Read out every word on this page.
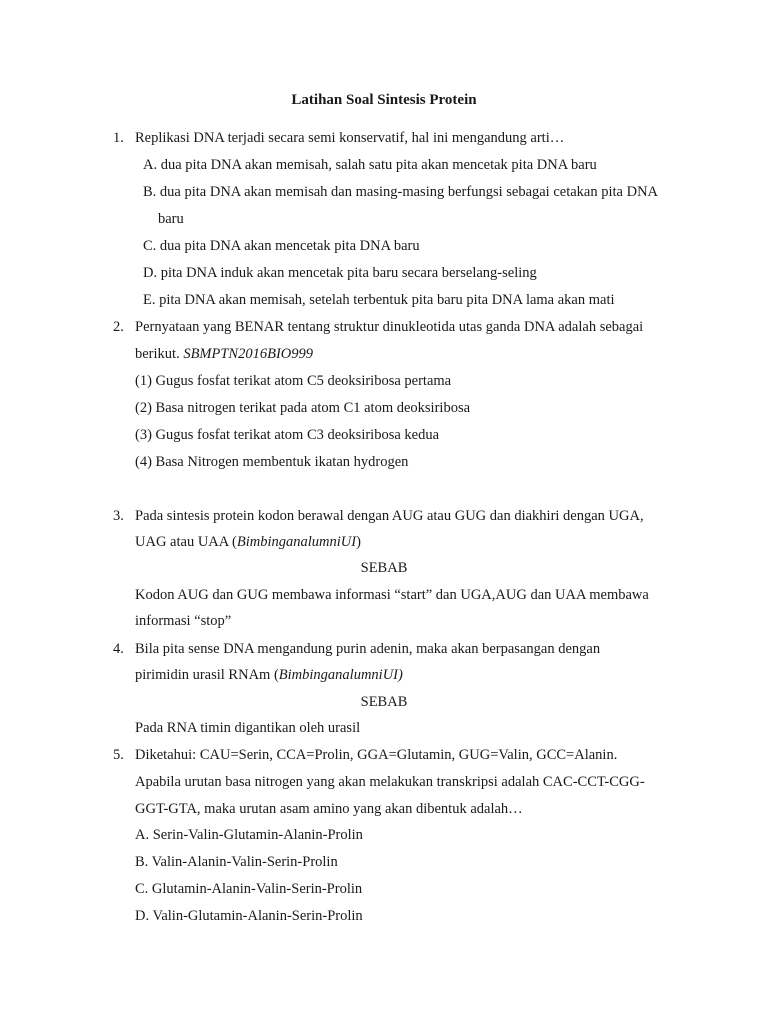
Latihan Soal Sintesis Protein
1. Replikasi DNA terjadi secara semi konservatif, hal ini mengandung arti…
A. dua pita DNA akan memisah, salah satu pita akan mencetak pita DNA baru
B. dua pita DNA akan memisah dan masing-masing berfungsi sebagai cetakan pita DNA
baru
C. dua pita DNA akan mencetak pita DNA baru
D. pita DNA induk akan mencetak pita baru secara berselang-seling
E. pita DNA akan memisah, setelah terbentuk pita baru pita DNA lama akan mati
2. Pernyataan yang BENAR tentang struktur dinukleotida utas ganda DNA adalah sebagai
berikut. SBMPTN2016BIO999
(1) Gugus fosfat terikat atom C5 deoksiribosa pertama
(2) Basa nitrogen terikat pada atom C1 atom deoksiribosa
(3) Gugus fosfat terikat atom C3 deoksiribosa kedua
(4) Basa Nitrogen membentuk ikatan hydrogen
3. Pada sintesis protein kodon berawal dengan AUG atau GUG dan diakhiri dengan UGA,
UAG atau UAA (BimbinganalumniUI)
SEBAB
Kodon AUG dan GUG membawa informasi “start” dan UGA,AUG dan UAA membawa
informasi “stop”
4. Bila pita sense DNA mengandung purin adenin, maka akan berpasangan dengan
pirimidin urasil RNAm (BimbinganalumniUI)
SEBAB
Pada RNA timin digantikan oleh urasil
5. Diketahui: CAU=Serin, CCA=Prolin, GGA=Glutamin, GUG=Valin, GCC=Alanin.
Apabila urutan basa nitrogen yang akan melakukan transkripsi adalah CAC-CCT-CGG-
GGT-GTA, maka urutan asam amino yang akan dibentuk adalah…
A. Serin-Valin-Glutamin-Alanin-Prolin
B. Valin-Alanin-Valin-Serin-Prolin
C. Glutamin-Alanin-Valin-Serin-Prolin
D. Valin-Glutamin-Alanin-Serin-Prolin
